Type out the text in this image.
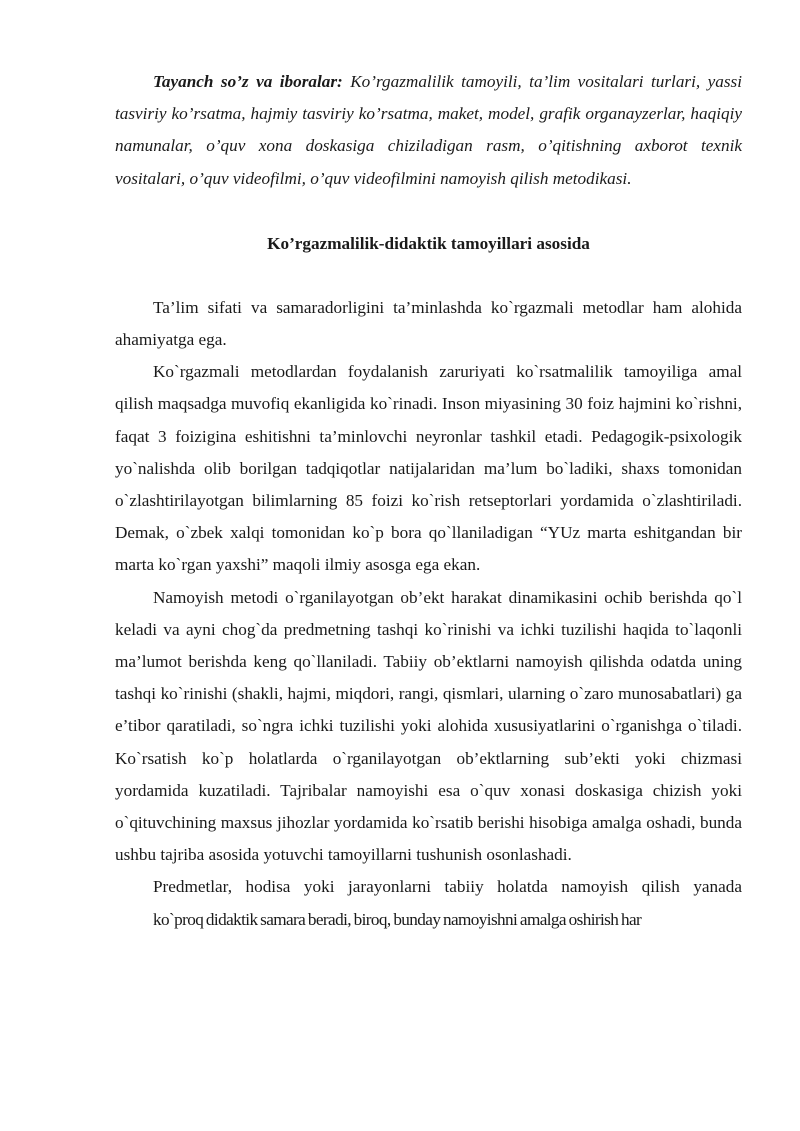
Tayanch so’z va iboralar: Ko’rgazmalilik tamoyili, ta’lim vositalari turlari, yassi tasviriy ko’rsatma, hajmiy tasviriy ko’rsatma, maket, model, grafik organayzerlar, haqiqiy namunalar, o’quv xona doskasiga chiziladigan rasm, o’qitishning axborot texnik vositalari, o’quv videofilmi, o’quv videofilmini namoyish qilish metodikasi.

Ko’rgazmalilik-didaktik tamoyillari asosida

Ta’lim sifati va samaradorligini ta’minlashda ko`rgazmali metodlar ham alohida ahamiyatga ega.

Ko`rgazmali metodlardan foydalanish zaruriyati ko`rsatmalilik tamoyiliga amal qilish maqsadga muvofiq ekanligida ko`rinadi. Inson miyasining 30 foiz hajmini ko`rishni, faqat 3 foizigina eshitishni ta’minlovchi neyronlar tashkil etadi. Pedagogik-psixologik yo`nalishda olib borilgan tadqiqotlar natijalaridan ma’lum bo`ladiki, shaxs tomonidan o`zlashtirilayotgan bilimlarning 85 foizi ko`rish retseptorlari yordamida o`zlashtiriladi. Demak, o`zbek xalqi tomonidan ko`p bora qo`llaniladigan “YUz marta eshitgandan bir marta ko`rgan yaxshi” maqoli ilmiy asosga ega ekan.

Namoyish metodi o`rganilayotgan ob’ekt harakat dinamikasini ochib berishda qo`l keladi va ayni chog`da predmetning tashqi ko`rinishi va ichki tuzilishi haqida to`laqonli ma’lumot berishda keng qo`llaniladi. Tabiiy ob’ektlarni namoyish qilishda odatda uning tashqi ko`rinishi (shakli, hajmi, miqdori, rangi, qismlari, ularning o`zaro munosabatlari) ga e’tibor qaratiladi, so`ngra ichki tuzilishi yoki alohida xususiyatlarini o`rganishga o`tiladi. Ko`rsatish ko`p holatlarda o`rganilayotgan ob’ektlarning sub’ekti yoki chizmasi yordamida kuzatiladi. Tajribalar namoyishi esa o`quv xonasi doskasiga chizish yoki o`qituvchining maxsus jihozlar yordamida ko`rsatib berishi hisobiga amalga oshadi, bunda ushbu tajriba asosida yotuvchi tamoyillarni tushunish osonlashadi.

Predmetlar, hodisa yoki jarayonlarni tabiiy holatda namoyish qilish yanada ko`proq didaktik samara beradi, biroq, bunday namoyishni amalga oshirish har
